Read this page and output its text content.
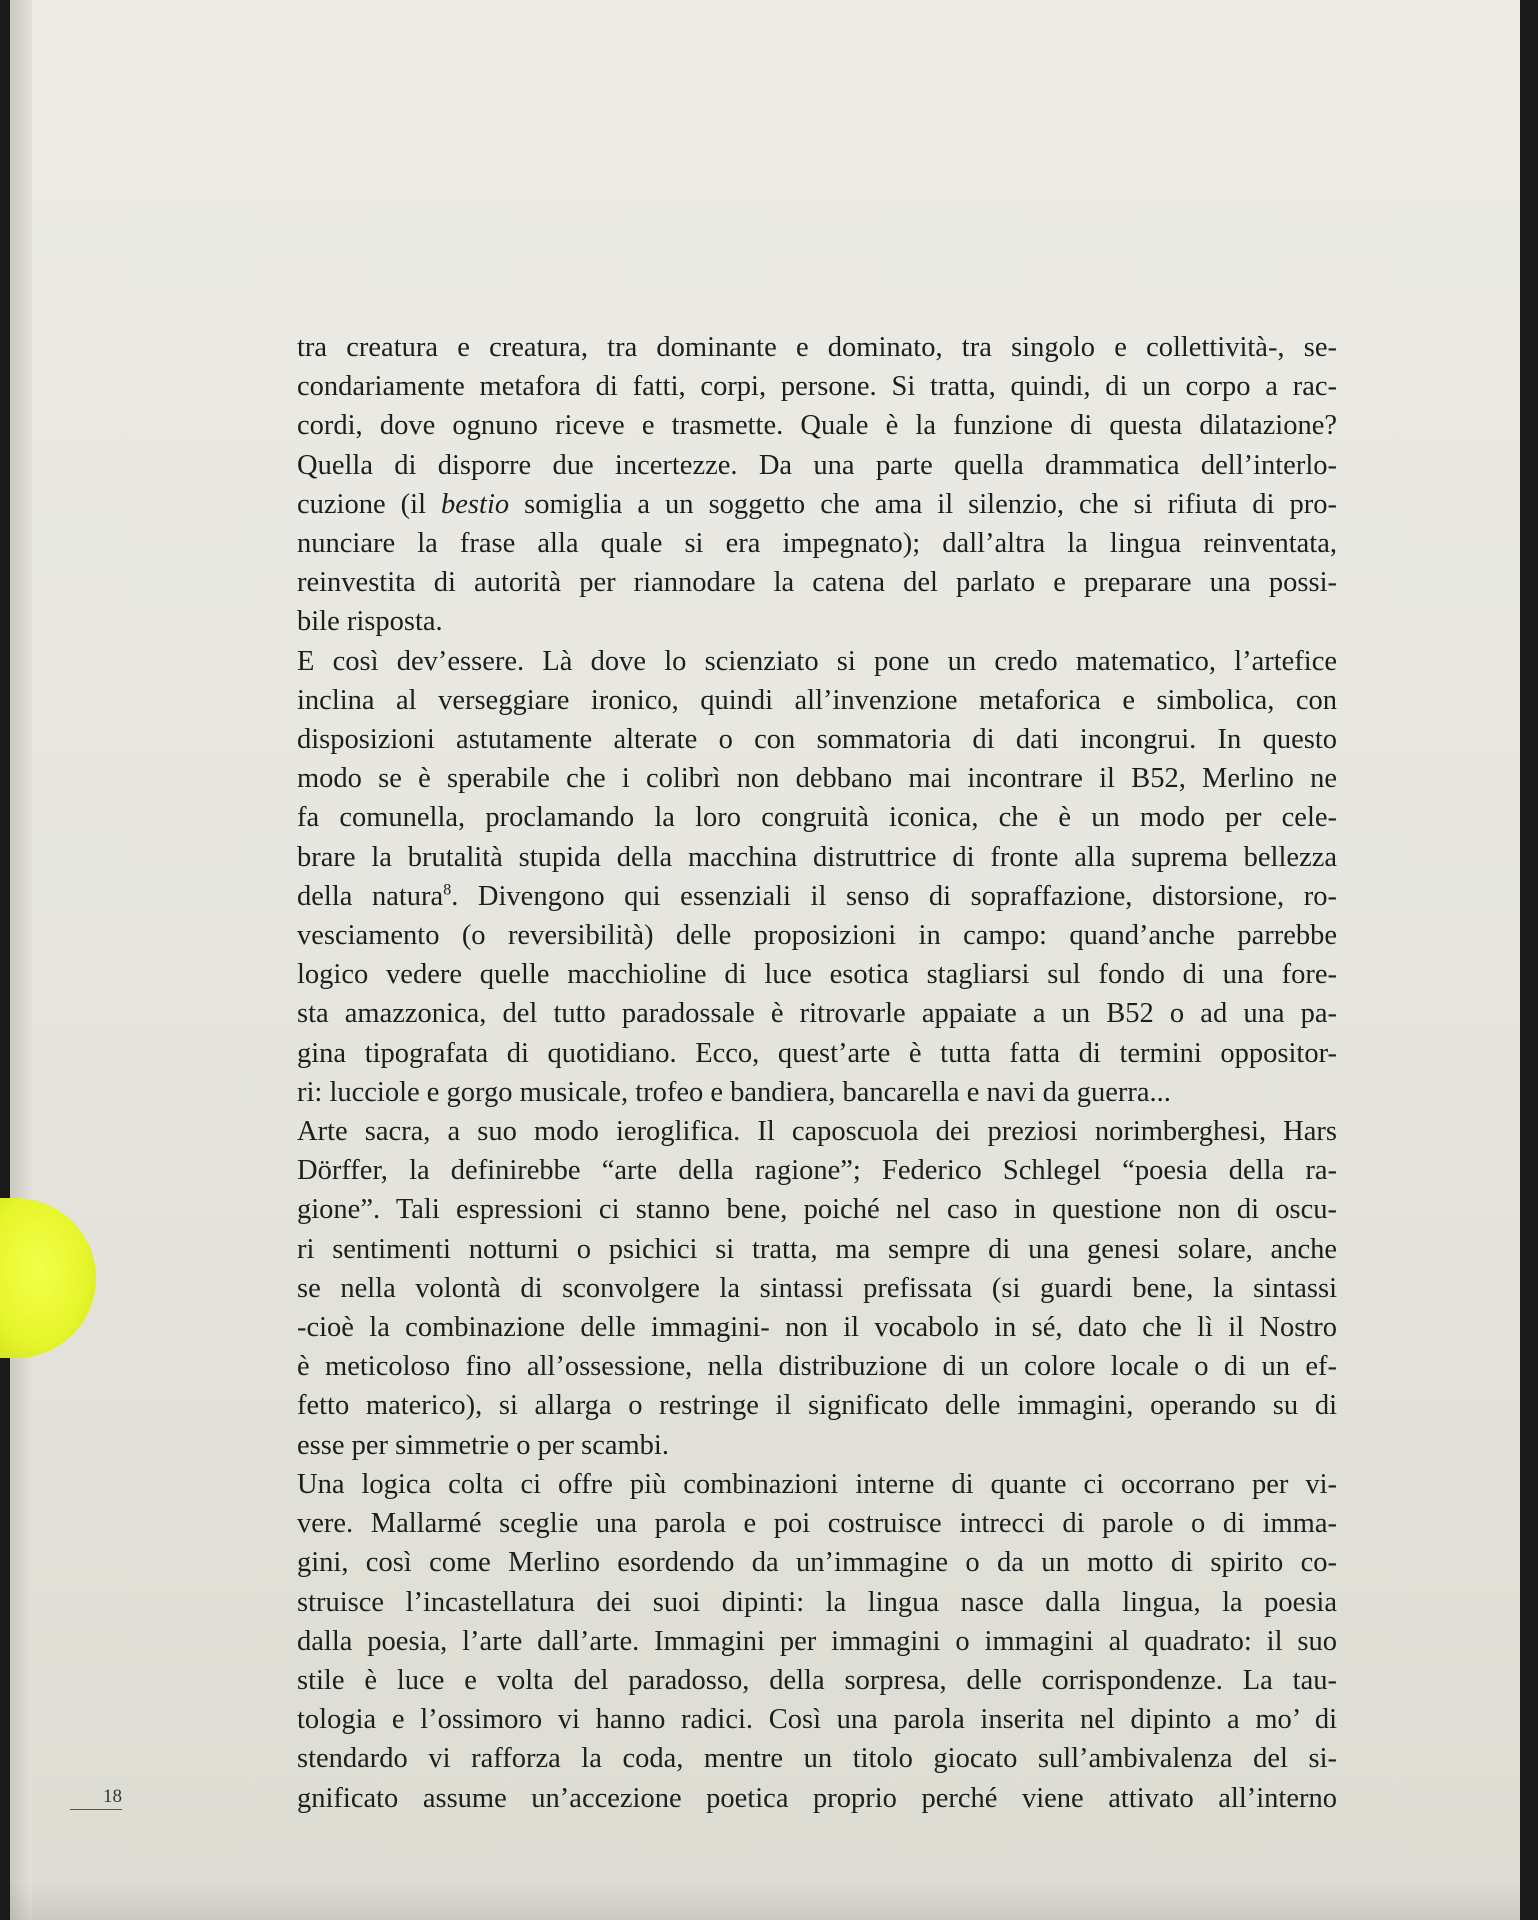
tra creatura e creatura, tra dominante e dominato, tra singolo e collettività-, se-
condariamente metafora di fatti, corpi, persone. Si tratta, quindi, di un corpo a rac-
cordi, dove ognuno riceve e trasmette. Quale è la funzione di questa dilatazione?
Quella di disporre due incertezze. Da una parte quella drammatica dell’interlo-
cuzione (il bestio somiglia a un soggetto che ama il silenzio, che si rifiuta di pro-
nunciare la frase alla quale si era impegnato); dall’altra la lingua reinventata,
reinvestita di autorità per riannodare la catena del parlato e preparare una possi-
bile risposta.
E così dev’essere. Là dove lo scienziato si pone un credo matematico, l’artefice
inclina al verseggiare ironico, quindi all’invenzione metaforica e simbolica, con
disposizioni astutamente alterate o con sommatoria di dati incongrui. In questo
modo se è sperabile che i colibrì non debbano mai incontrare il B52, Merlino ne
fa comunella, proclamando la loro congruità iconica, che è un modo per cele-
brare la brutalità stupida della macchina distruttrice di fronte alla suprema bellezza
della natura$^8$. Divengono qui essenziali il senso di sopraffazione, distorsione, ro-
vesciamento (o reversibilità) delle proposizioni in campo: quand’anche parrebbe
logico vedere quelle macchioline di luce esotica stagliarsi sul fondo di una fore-
sta amazzonica, del tutto paradossale è ritrovarle appaiate a un B52 o ad una pa-
gina tipografata di quotidiano. Ecco, quest’arte è tutta fatta di termini oppositor-
ri: lucciole e gorgo musicale, trofeo e bandiera, bancarella e navi da guerra...
Arte sacra, a suo modo ieroglifica. Il caposcuola dei preziosi norimberghesi, Hars
Dörffer, la definirebbe “arte della ragione”; Federico Schlegel “poesia della ra-
gione”. Tali espressioni ci stanno bene, poiché nel caso in questione non di oscu-
ri sentimenti notturni o psichici si tratta, ma sempre di una genesi solare, anche
se nella volontà di sconvolgere la sintassi prefissata (si guardi bene, la sintassi
-cioè la combinazione delle immagini- non il vocabolo in sé, dato che lì il Nostro
è meticoloso fino all’ossessione, nella distribuzione di un colore locale o di un ef-
fetto materico), si allarga o restringe il significato delle immagini, operando su di
esse per simmetrie o per scambi.
Una logica colta ci offre più combinazioni interne di quante ci occorrano per vi-
vere. Mallarmé sceglie una parola e poi costruisce intrecci di parole o di imma-
gini, così come Merlino esordendo da un’immagine o da un motto di spirito co-
struisce l’incastellatura dei suoi dipinti: la lingua nasce dalla lingua, la poesia
dalla poesia, l’arte dall’arte. Immagini per immagini o immagini al quadrato: il suo
stile è luce e volta del paradosso, della sorpresa, delle corrispondenze. La tau-
tologia e l’ossimoro vi hanno radici. Così una parola inserita nel dipinto a mo’ di
stendardo vi rafforza la coda, mentre un titolo giocato sull’ambivalenza del si-
gnificato assume un’accezione poetica proprio perché viene attivato all’interno
18
